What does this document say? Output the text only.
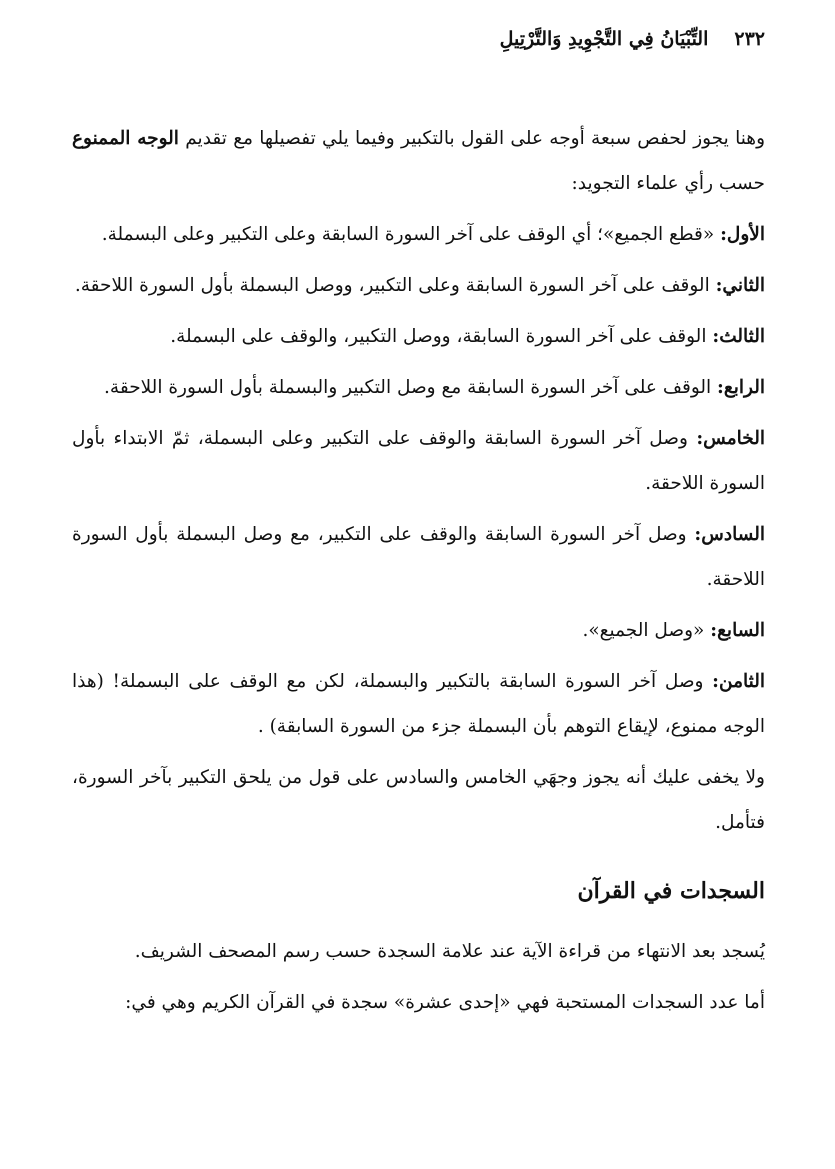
٢٣٢
التِّبْيَانُ فِي التَّجْوِيدِ وَالتَّرْتِيلِ

وهنا يجوز لحفص سبعة أوجه على القول بالتكبير وفيما يلي تفصيلها مع تقديم الوجه الممنوع حسب رأي علماء التجويد:

الأول: «قطع الجميع»؛ أي الوقف على آخر السورة السابقة وعلى التكبير وعلى البسملة.

الثاني: الوقف على آخر السورة السابقة وعلى التكبير، ووصل البسملة بأول السورة اللاحقة.

الثالث: الوقف على آخر السورة السابقة، ووصل التكبير، والوقف على البسملة.

الرابع: الوقف على آخر السورة السابقة مع وصل التكبير والبسملة بأول السورة اللاحقة.

الخامس: وصل آخر السورة السابقة والوقف على التكبير وعلى البسملة، ثمّ الابتداء بأول السورة اللاحقة.

السادس: وصل آخر السورة السابقة والوقف على التكبير، مع وصل البسملة بأول السورة اللاحقة.

السابع: «وصل الجميع».

الثامن: وصل آخر السورة السابقة بالتكبير والبسملة، لكن مع الوقف على البسملة! (هذا الوجه ممنوع، لإيقاع التوهم بأن البسملة جزء من السورة السابقة) .

ولا يخفى عليك أنه يجوز وجهَي الخامس والسادس على قول من يلحق التكبير بآخر السورة، فتأمل.

السجدات في القرآن

يُسجد بعد الانتهاء من قراءة الآية عند علامة السجدة حسب رسم المصحف الشريف.

أما عدد السجدات المستحبة فهي «إحدى عشرة» سجدة في القرآن الكريم وهي في:
